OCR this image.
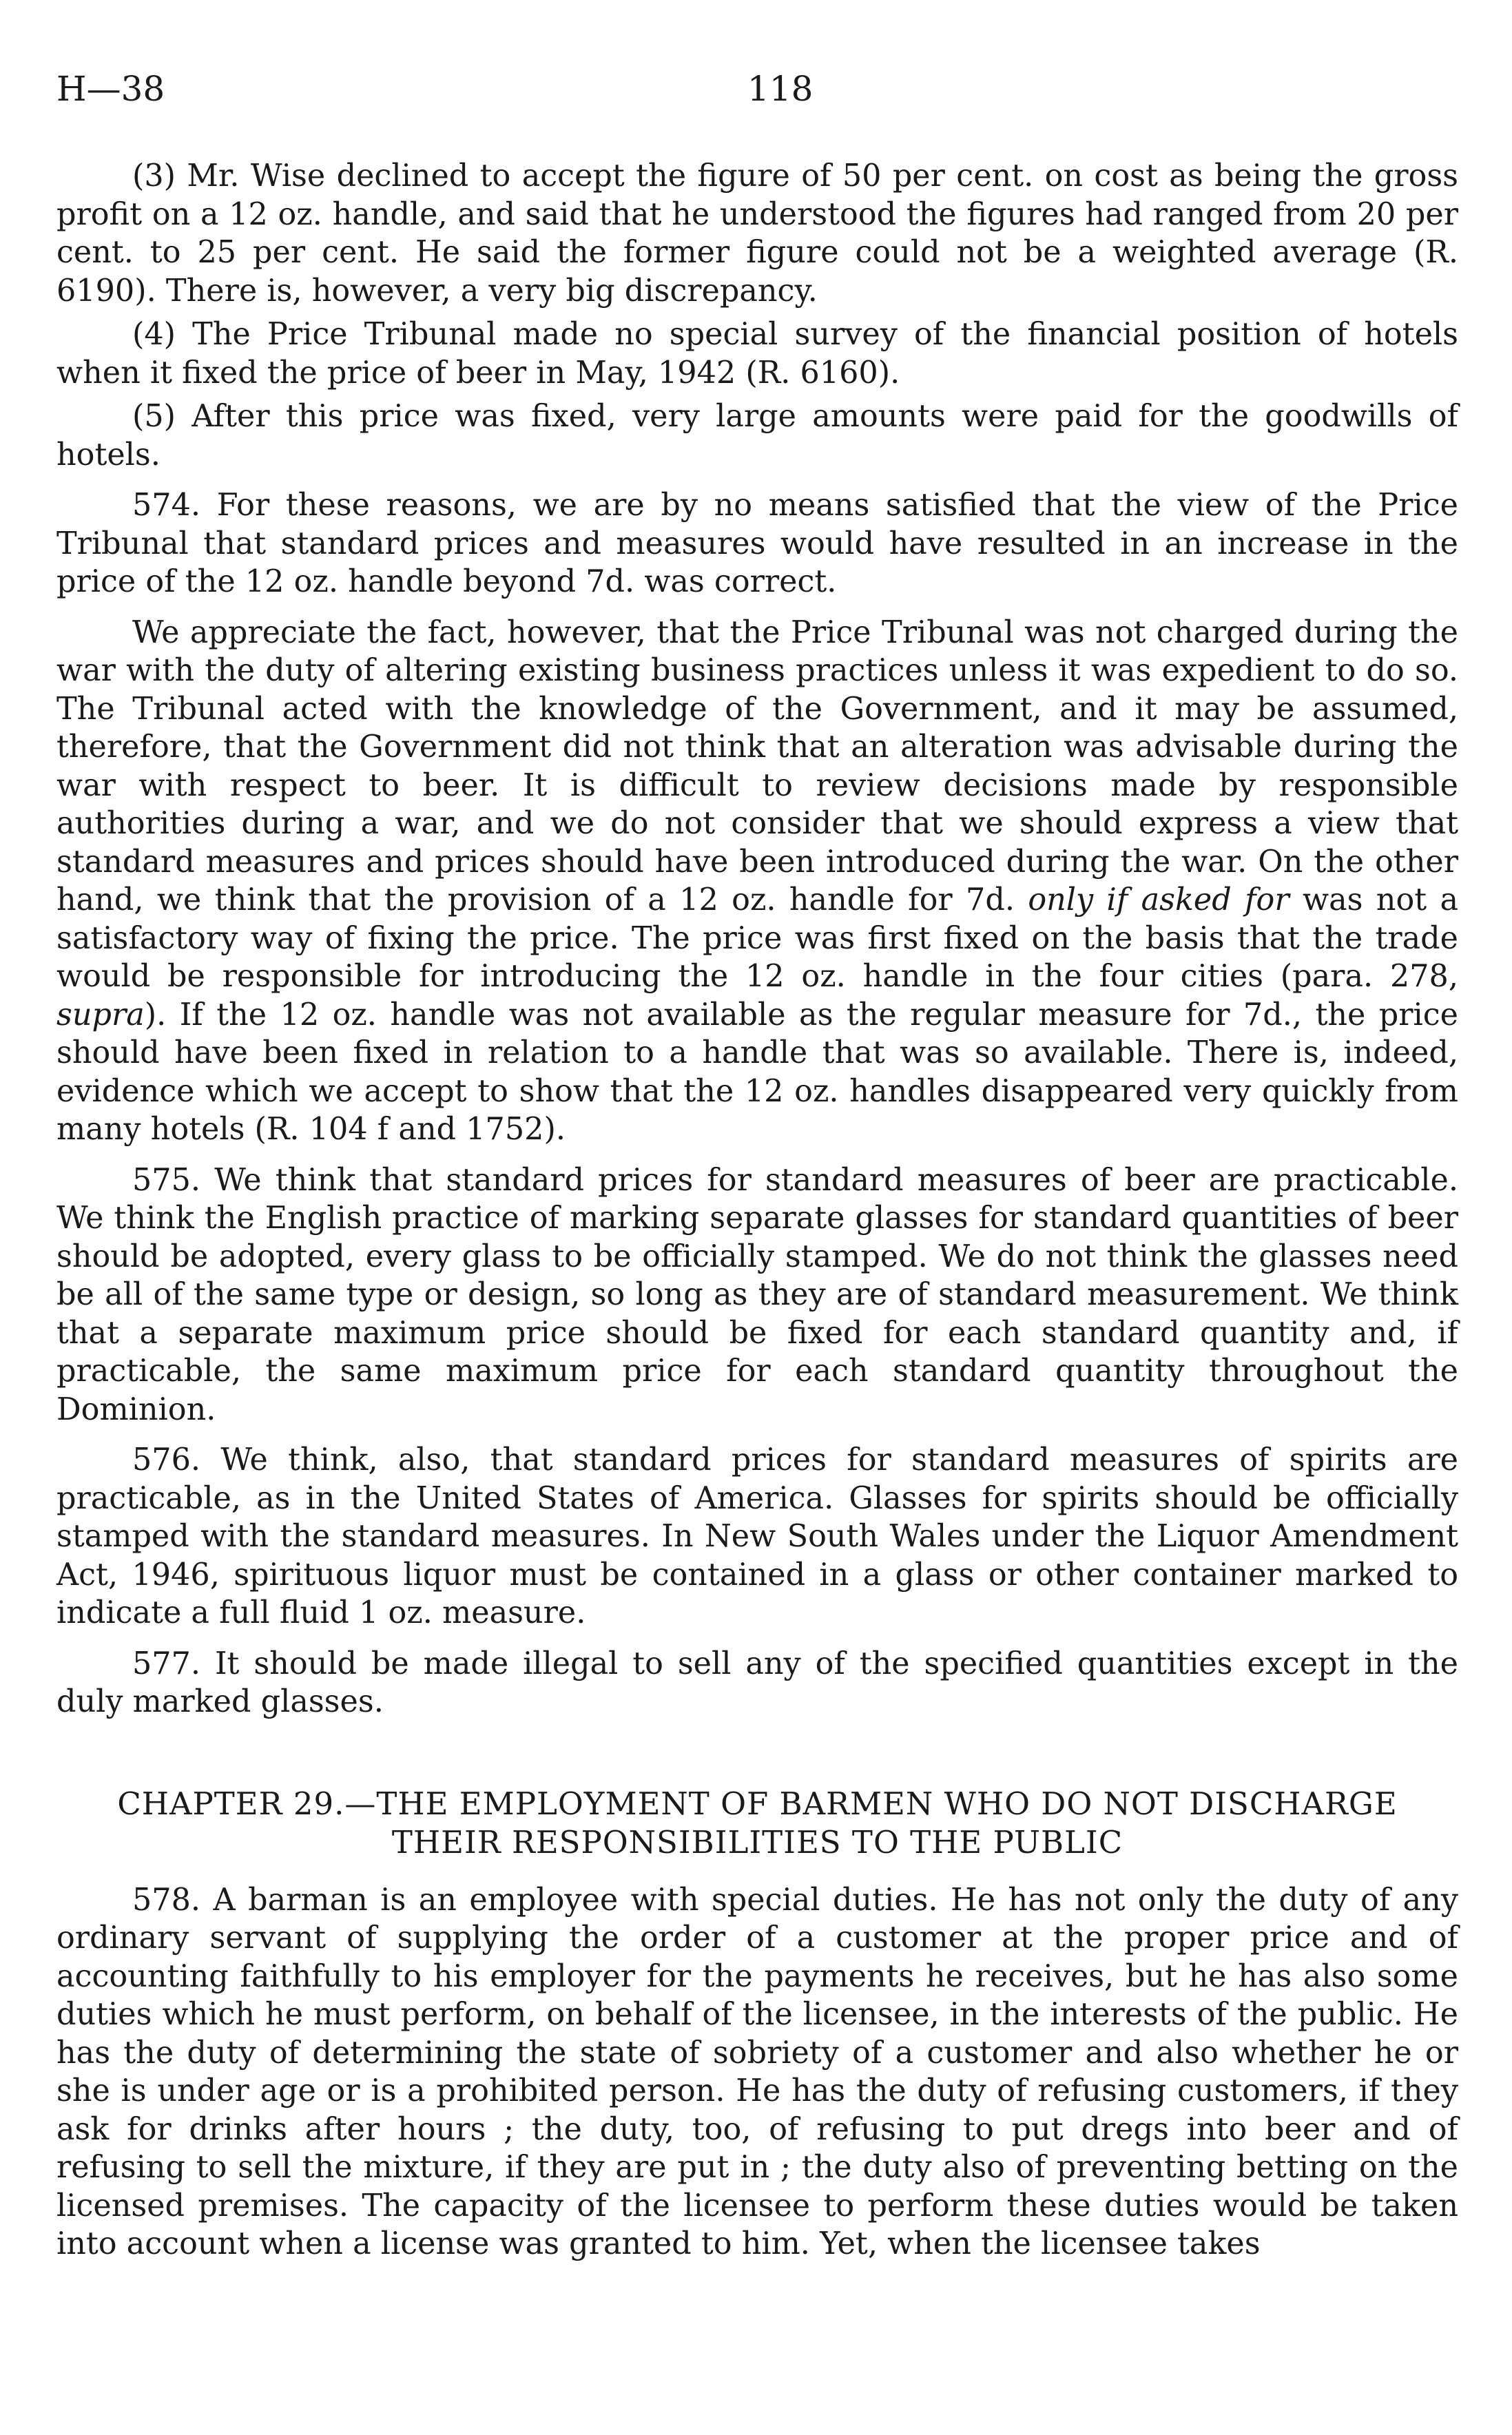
H—38	118

(3) Mr. Wise declined to accept the figure of 50 per cent. on cost as being the gross profit on a 12 oz. handle, and said that he understood the figures had ranged from 20 per cent. to 25 per cent. He said the former figure could not be a weighted average (R. 6190). There is, however, a very big discrepancy.

(4) The Price Tribunal made no special survey of the financial position of hotels when it fixed the price of beer in May, 1942 (R. 6160).

(5) After this price was fixed, very large amounts were paid for the goodwills of hotels.

574. For these reasons, we are by no means satisfied that the view of the Price Tribunal that standard prices and measures would have resulted in an increase in the price of the 12 oz. handle beyond 7d. was correct.

We appreciate the fact, however, that the Price Tribunal was not charged during the war with the duty of altering existing business practices unless it was expedient to do so. The Tribunal acted with the knowledge of the Government, and it may be assumed, therefore, that the Government did not think that an alteration was advisable during the war with respect to beer. It is difficult to review decisions made by responsible authorities during a war, and we do not consider that we should express a view that standard measures and prices should have been introduced during the war. On the other hand, we think that the provision of a 12 oz. handle for 7d. only if asked for was not a satisfactory way of fixing the price. The price was first fixed on the basis that the trade would be responsible for introducing the 12 oz. handle in the four cities (para. 278, supra). If the 12 oz. handle was not available as the regular measure for 7d., the price should have been fixed in relation to a handle that was so available. There is, indeed, evidence which we accept to show that the 12 oz. handles disappeared very quickly from many hotels (R. 104 f and 1752).

575. We think that standard prices for standard measures of beer are practicable. We think the English practice of marking separate glasses for standard quantities of beer should be adopted, every glass to be officially stamped. We do not think the glasses need be all of the same type or design, so long as they are of standard measurement. We think that a separate maximum price should be fixed for each standard quantity and, if practicable, the same maximum price for each standard quantity throughout the Dominion.

576. We think, also, that standard prices for standard measures of spirits are practicable, as in the United States of America. Glasses for spirits should be officially stamped with the standard measures. In New South Wales under the Liquor Amendment Act, 1946, spirituous liquor must be contained in a glass or other container marked to indicate a full fluid 1 oz. measure.

577. It should be made illegal to sell any of the specified quantities except in the duly marked glasses.

CHAPTER 29.—THE EMPLOYMENT OF BARMEN WHO DO NOT DISCHARGE
THEIR RESPONSIBILITIES TO THE PUBLIC

578. A barman is an employee with special duties. He has not only the duty of any ordinary servant of supplying the order of a customer at the proper price and of accounting faithfully to his employer for the payments he receives, but he has also some duties which he must perform, on behalf of the licensee, in the interests of the public. He has the duty of determining the state of sobriety of a customer and also whether he or she is under age or is a prohibited person. He has the duty of refusing customers, if they ask for drinks after hours ; the duty, too, of refusing to put dregs into beer and of refusing to sell the mixture, if they are put in ; the duty also of preventing betting on the licensed premises. The capacity of the licensee to perform these duties would be taken into account when a license was granted to him. Yet, when the licensee takes
